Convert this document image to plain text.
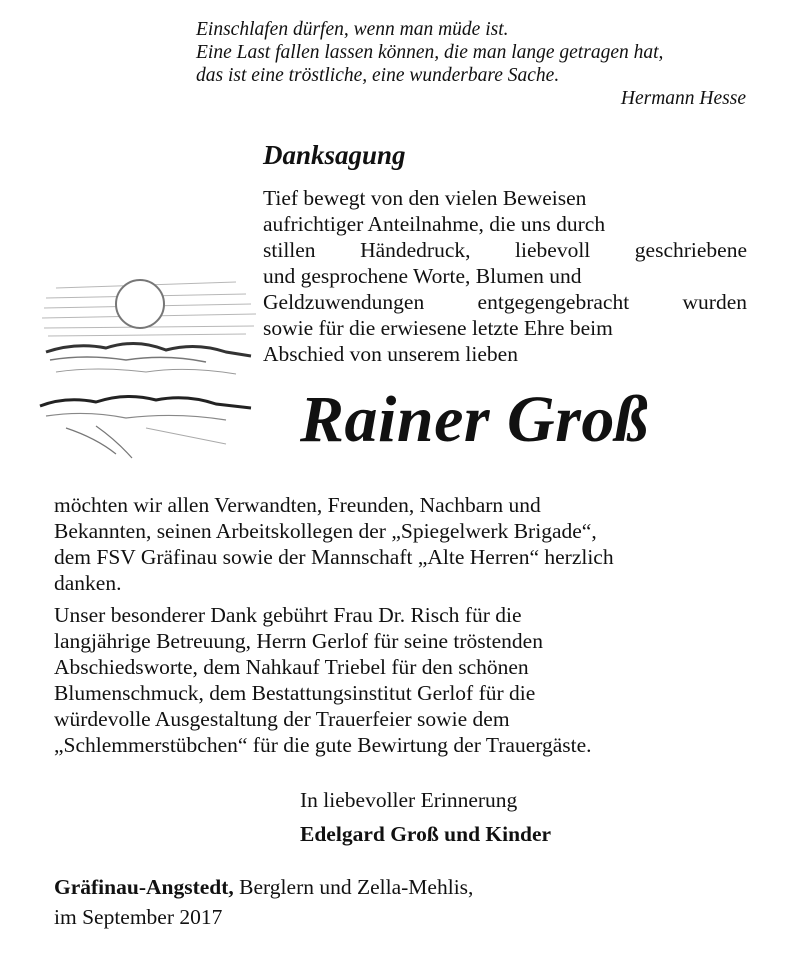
Einschlafen dürfen, wenn man müde ist.
Eine Last fallen lassen können, die man lange getragen hat,
das ist eine tröstliche, eine wunderbare Sache.
Hermann Hesse
Danksagung
Tief bewegt von den vielen Beweisen
aufrichtiger Anteilnahme, die uns durch
stillen Händedruck, liebevoll geschriebene
und gesprochene Worte, Blumen und
Geldzuwendungen entgegengebracht wurden
sowie für die erwiesene letzte Ehre beim
Abschied von unserem lieben
Rainer Groß
möchten wir allen Verwandten, Freunden, Nachbarn und
Bekannten, seinen Arbeitskollegen der „Spiegelwerk Brigade“,
dem FSV Gräfinau sowie der Mannschaft „Alte Herren“ herzlich
danken.
Unser besonderer Dank gebührt Frau Dr. Risch für die
langjährige Betreuung, Herrn Gerlof für seine tröstenden
Abschiedsworte, dem Nahkauf Triebel für den schönen
Blumenschmuck, dem Bestattungsinstitut Gerlof für die
würdevolle Ausgestaltung der Trauerfeier sowie dem
„Schlemmerstübchen“ für die gute Bewirtung der Trauergäste.
In liebevoller Erinnerung
Edelgard Groß und Kinder
Gräfinau-Angstedt, Berglern und Zella-Mehlis,
im September 2017
